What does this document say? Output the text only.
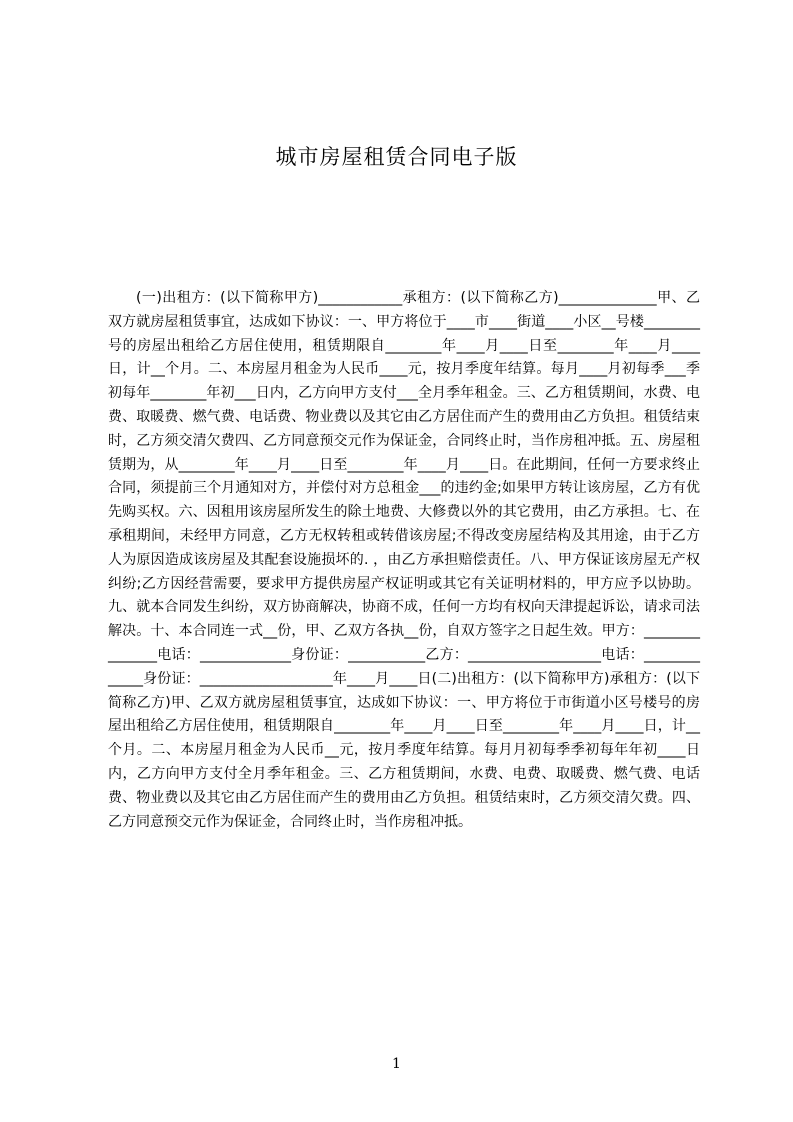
城市房屋租赁合同电子版

(一)出租方：(以下简称甲方)____________承租方：(以下简称乙方)______________甲、乙双方就房屋租赁事宜，达成如下协议：一、甲方将位于____市____街道____小区__号楼________号的房屋出租给乙方居住使用，租赁期限自________年____月____日至________年____月____日，计__个月。二、本房屋月租金为人民币____元，按月季度年结算。每月____月初每季___季初每年________年初___日内，乙方向甲方支付___全月季年租金。三、乙方租赁期间，水费、电费、取暖费、燃气费、电话费、物业费以及其它由乙方居住而产生的费用由乙方负担。租赁结束时，乙方须交清欠费四、乙方同意预交元作为保证金，合同终止时，当作房租冲抵。五、房屋租赁期为，从________年____月____日至________年____月____日。在此期间，任何一方要求终止合同，须提前三个月通知对方，并偿付对方总租金___的违约金;如果甲方转让该房屋，乙方有优先购买权。六、因租用该房屋所发生的除土地费、大修费以外的其它费用，由乙方承担。七、在承租期间，未经甲方同意，乙方无权转租或转借该房屋;不得改变房屋结构及其用途，由于乙方人为原因造成该房屋及其配套设施损坏的. ，由乙方承担赔偿责任。八、甲方保证该房屋无产权纠纷;乙方因经营需要，要求甲方提供房屋产权证明或其它有关证明材料的，甲方应予以协助。九、就本合同发生纠纷，双方协商解决，协商不成，任何一方均有权向天津提起诉讼，请求司法解决。十、本合同连一式__份，甲、乙双方各执__份，自双方签字之日起生效。甲方：_______________电话：_____________身份证：___________乙方：___________________电话：_____________身份证：___________________年____月____日(二)出租方：(以下简称甲方)承租方：(以下简称乙方)甲、乙双方就房屋租赁事宜，达成如下协议：一、甲方将位于市街道小区号楼号的房屋出租给乙方居住使用，租赁期限自________年____月____日至________年____月____日，计__个月。二、本房屋月租金为人民币__元，按月季度年结算。每月月初每季季初每年年初____日内，乙方向甲方支付全月季年租金。三、乙方租赁期间，水费、电费、取暖费、燃气费、电话费、物业费以及其它由乙方居住而产生的费用由乙方负担。租赁结束时，乙方须交清欠费。四、乙方同意预交元作为保证金，合同终止时，当作房租冲抵。

1
